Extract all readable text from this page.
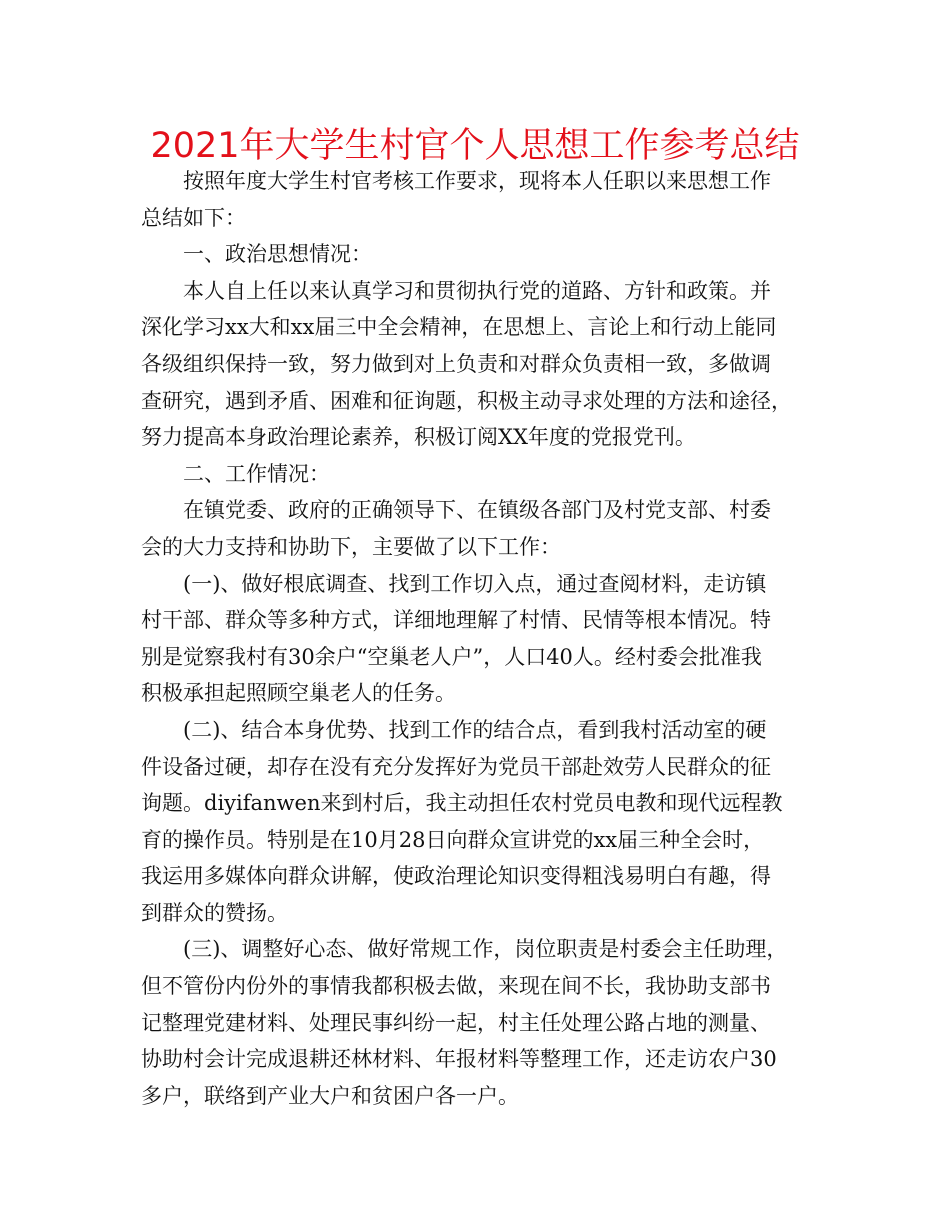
2021年大学生村官个人思想工作参考总结
按照年度大学生村官考核工作要求，现将本人任职以来思想工作
总结如下：
一、政治思想情况：
本人自上任以来认真学习和贯彻执行党的道路、方针和政策。并
深化学习xx大和xx届三中全会精神，在思想上、言论上和行动上能同
各级组织保持一致，努力做到对上负责和对群众负责相一致，多做调
查研究，遇到矛盾、困难和征询题，积极主动寻求处理的方法和途径，
努力提高本身政治理论素养，积极订阅XX年度的党报党刊。
二、工作情况：
在镇党委、政府的正确领导下、在镇级各部门及村党支部、村委
会的大力支持和协助下，主要做了以下工作：
(一)、做好根底调查、找到工作切入点，通过查阅材料，走访镇
村干部、群众等多种方式，详细地理解了村情、民情等根本情况。特
别是觉察我村有30余户“空巢老人户”，人口40人。经村委会批准我
积极承担起照顾空巢老人的任务。
(二)、结合本身优势、找到工作的结合点，看到我村活动室的硬
件设备过硬，却存在没有充分发挥好为党员干部赴效劳人民群众的征
询题。diyifanwen来到村后，我主动担任农村党员电教和现代远程教
育的操作员。特别是在10月28日向群众宣讲党的xx届三种全会时，
我运用多媒体向群众讲解，使政治理论知识变得粗浅易明白有趣，得
到群众的赞扬。
(三)、调整好心态、做好常规工作，岗位职责是村委会主任助理，
但不管份内份外的事情我都积极去做，来现在间不长，我协助支部书
记整理党建材料、处理民事纠纷一起，村主任处理公路占地的测量、
协助村会计完成退耕还林材料、年报材料等整理工作，还走访农户30
多户，联络到产业大户和贫困户各一户。
